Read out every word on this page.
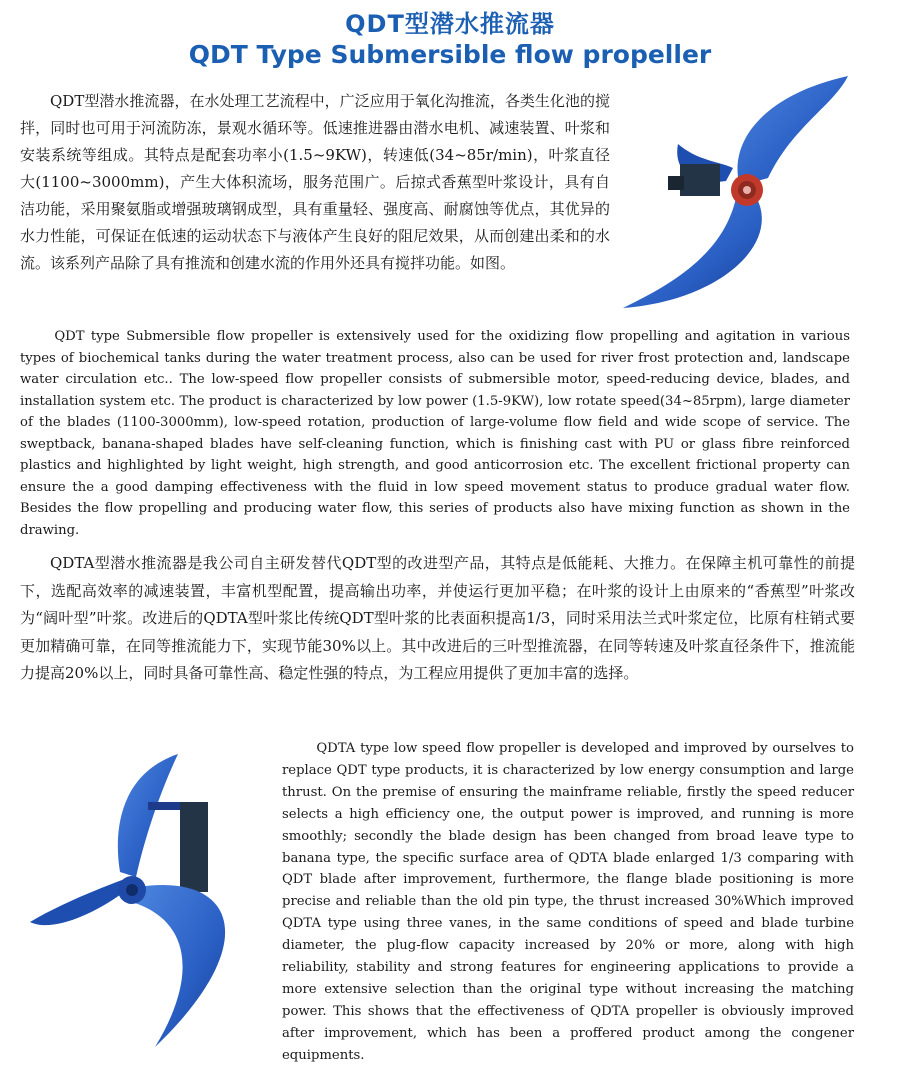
QDT型潜水推流器
QDT Type Submersible flow propeller

QDT型潜水推流器，在水处理工艺流程中，广泛应用于氧化沟推流，各类生化池的搅拌，同时也可用于河流防冻，景观水循环等。低速推进器由潜水电机、减速装置、叶浆和安装系统等组成。其特点是配套功率小(1.5~9KW)，转速低(34~85r/min)，叶浆直径大(1100~3000mm)，产生大体积流场，服务范围广。后掠式香蕉型叶浆设计，具有自洁功能，采用聚氨脂或增强玻璃钢成型，具有重量轻、强度高、耐腐蚀等优点，其优异的水力性能，可保证在低速的运动状态下与液体产生良好的阻尼效果，从而创建出柔和的水流。该系列产品除了具有推流和创建水流的作用外还具有搅拌功能。如图。

QDT type Submersible flow propeller is extensively used for the oxidizing flow propelling and agitation in various types of biochemical tanks during the water treatment process, also can be used for river frost protection and, landscape water circulation etc.. The low-speed flow propeller consists of submersible motor, speed-reducing device, blades, and installation system etc. The product is characterized by low power (1.5-9KW), low rotate speed(34~85rpm), large diameter of the blades (1100-3000mm), low-speed rotation, production of large-volume flow field and wide scope of service. The sweptback, banana-shaped blades have self-cleaning function, which is finishing cast with PU or glass fibre reinforced plastics and highlighted by light weight, high strength, and good anticorrosion etc. The excellent frictional property can ensure the a good damping effectiveness with the fluid in low speed movement status to produce gradual water flow. Besides the flow propelling and producing water flow, this series of products also have mixing function as shown in the drawing.

QDTA型潜水推流器是我公司自主研发替代QDT型的改进型产品，其特点是低能耗、大推力。在保障主机可靠性的前提下，选配高效率的减速装置，丰富机型配置，提高输出功率，并使运行更加平稳；在叶浆的设计上由原来的“香蕉型”叶浆改为“阔叶型”叶浆。改进后的QDTA型叶浆比传统QDT型叶浆的比表面积提高1/3，同时采用法兰式叶浆定位，比原有柱销式要更加精确可靠，在同等推流能力下，实现节能30%以上。其中改进后的三叶型推流器，在同等转速及叶浆直径条件下，推流能力提高20%以上，同时具备可靠性高、稳定性强的特点，为工程应用提供了更加丰富的选择。

QDTA type low speed flow propeller is developed and improved by ourselves to replace QDT type products, it is characterized by low energy consumption and large thrust. On the premise of ensuring the mainframe reliable, firstly the speed reducer selects a high efficiency one, the output power is improved, and running is more smoothly; secondly the blade design has been changed from broad leave type to banana type, the specific surface area of QDTA blade enlarged 1/3 comparing with QDT blade after improvement, furthermore, the flange blade positioning is more precise and reliable than the old pin type, the thrust increased 30%Which improved QDTA type using three vanes, in the same conditions of speed and blade turbine diameter, the plug-flow capacity increased by 20% or more, along with high reliability, stability and strong features for engineering applications to provide a more extensive selection than the original type without increasing the matching power. This shows that the effectiveness of QDTA propeller is obviously improved after improvement, which has been a proffered product among the congener equipments.
